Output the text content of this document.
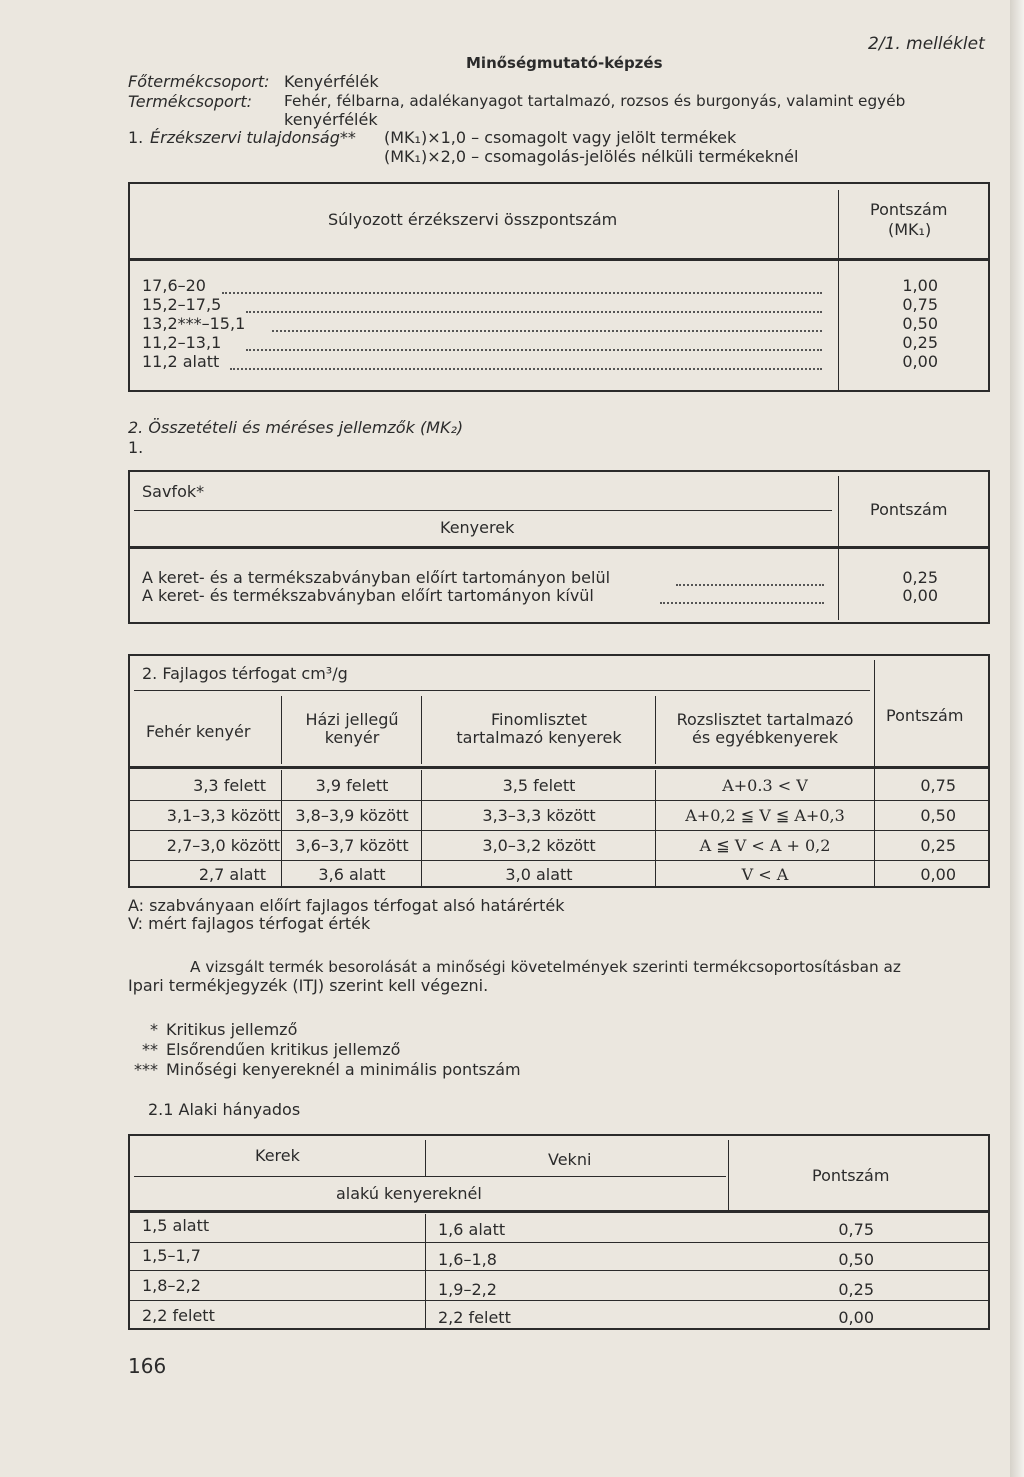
2/1. melléklet
Minőségmutató-képzés
Főtermékcsoport: Kenyérfélék
Termékcsoport: Fehér, félbarna, adalékanyagot tartalmazó, rozsos és burgonyás, valamint egyéb
kenyérfélék
1. Érzékszervi tulajdonság** (MK₁)×1,0 – csomagolt vagy jelölt termékek
(MK₁)×2,0 – csomagolás-jelölés nélküli termékeknél
Súlyozott érzékszervi összpontszám
Pontszám
(MK₁)
17,6–20	1,00
15,2–17,5	0,75
13,2***–15,1	0,50
11,2–13,1	0,25
11,2 alatt	0,00
2. Összetételi és méréses jellemzők (MK₂)
1.
Savfok*
Kenyerek
Pontszám
A keret- és a termékszabványban előírt tartományon belül	0,25
A keret- és termékszabványban előírt tartományon kívül	0,00
2. Fajlagos térfogat cm³/g
Fehér kenyér
Házi jellegű
kenyér
Finomlisztet
tartalmazó kenyerek
Rozslisztet tartalmazó
és egyébkenyerek
Pontszám
3,3 felett	3,9 felett	3,5 felett	A+0.3 < V	0,75
3,1–3,3 között 3,8–3,9 között	3,3–3,3 között	A+0,2 ≦ V ≦ A+0,3	0,50
2,7–3,0 között 3,6–3,7 között	3,0–3,2 között	A ≦ V < A + 0,2	0,25
2,7 alatt	3,6 alatt	3,0 alatt	V < A	0,00
A: szabványaan előírt fajlagos térfogat alsó határérték
V: mért fajlagos térfogat érték
A vizsgált termék besorolását a minőségi követelmények szerinti termékcsoportosításban az
Ipari termékjegyzék (ITJ) szerint kell végezni.
* Kritikus jellemző
** Elsőrendűen kritikus jellemző
*** Minőségi kenyereknél a minimális pontszám
2.1 Alaki hányados
Kerek	Vekni
alakú kenyereknél
Pontszám
1,5 alatt	1,6 alatt	0,75
1,5–1,7	1,6–1,8	0,50
1,8–2,2	1,9–2,2	0,25
2,2 felett	2,2 felett	0,00
166
